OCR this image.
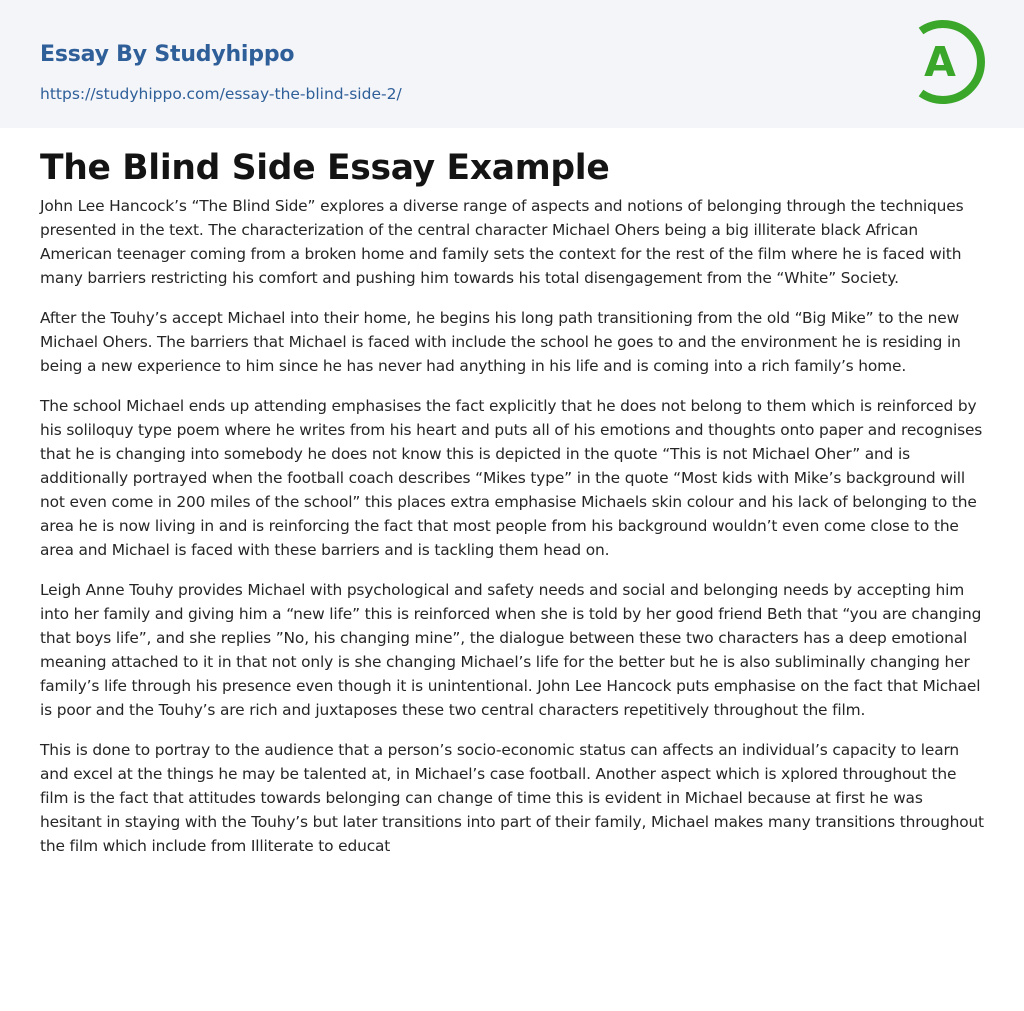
Essay By Studyhippo
https://studyhippo.com/essay-the-blind-side-2/
A
The Blind Side Essay Example

John Lee Hancock’s “The Blind Side” explores a diverse range of aspects and notions of belonging through the techniques presented in the text. The characterization of the central character Michael Ohers being a big illiterate black African American teenager coming from a broken home and family sets the context for the rest of the film where he is faced with many barriers restricting his comfort and pushing him towards his total disengagement from the “White” Society.

After the Touhy’s accept Michael into their home, he begins his long path transitioning from the old “Big Mike” to the new Michael Ohers. The barriers that Michael is faced with include the school he goes to and the environment he is residing in being a new experience to him since he has never had anything in his life and is coming into a rich family’s home.

The school Michael ends up attending emphasises the fact explicitly that he does not belong to them which is reinforced by his soliloquy type poem where he writes from his heart and puts all of his emotions and thoughts onto paper and recognises that he is changing into somebody he does not know this is depicted in the quote “This is not Michael Oher” and is additionally portrayed when the football coach describes “Mikes type” in the quote “Most kids with Mike’s background will not even come in 200 miles of the school” this places extra emphasise Michaels skin colour and his lack of belonging to the area he is now living in and is reinforcing the fact that most people from his background wouldn’t even come close to the area and Michael is faced with these barriers and is tackling them head on.

Leigh Anne Touhy provides Michael with psychological and safety needs and social and belonging needs by accepting him into her family and giving him a “new life” this is reinforced when she is told by her good friend Beth that “you are changing that boys life”, and she replies ”No, his changing mine”, the dialogue between these two characters has a deep emotional meaning attached to it in that not only is she changing Michael’s life for the better but he is also subliminally changing her family’s life through his presence even though it is unintentional. John Lee Hancock puts emphasise on the fact that Michael is poor and the Touhy’s are rich and juxtaposes these two central characters repetitively throughout the film.

This is done to portray to the audience that a person’s socio-economic status can affects an individual’s capacity to learn and excel at the things he may be talented at, in Michael’s case football. Another aspect which is xplored throughout the film is the fact that attitudes towards belonging can change of time this is evident in Michael because at first he was hesitant in staying with the Touhy’s but later transitions into part of their family, Michael makes many transitions throughout the film which include from Illiterate to educat
